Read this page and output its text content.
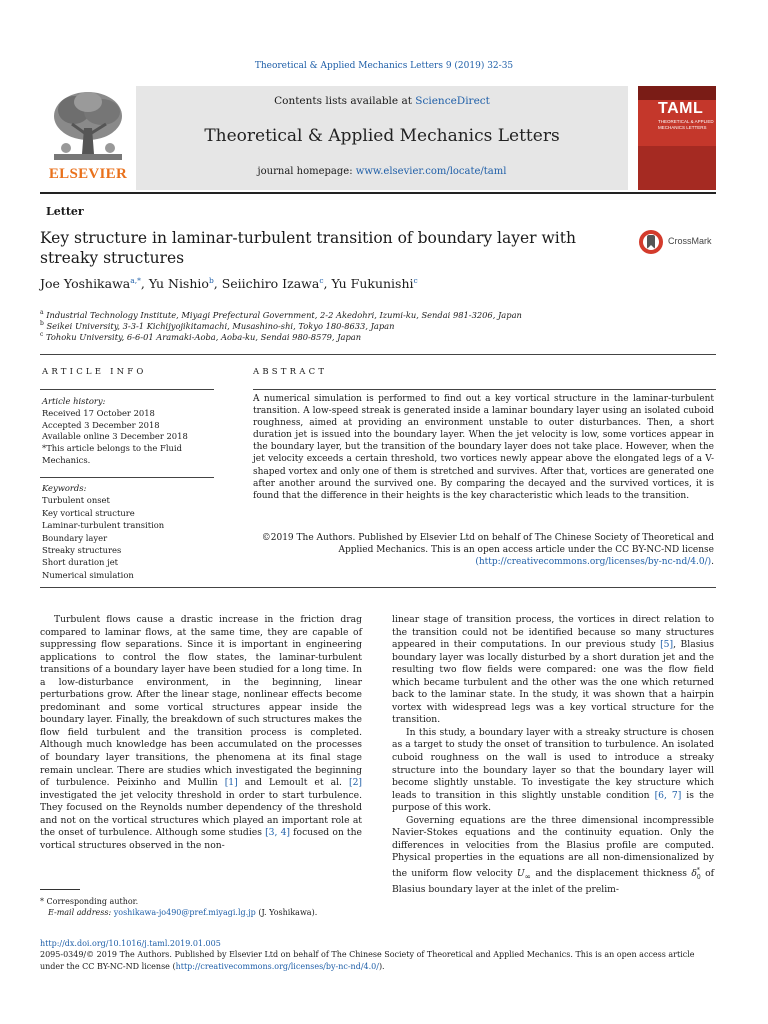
Theoretical & Applied Mechanics Letters 9 (2019) 32-35
ELSEVIER
Contents lists available at ScienceDirect
Theoretical & Applied Mechanics Letters
journal homepage: www.elsevier.com/locate/taml
TAML
THEORETICAL & APPLIED MECHANICS LETTERS
Letter
Key structure in laminar-turbulent transition of boundary layer with streaky structures
CrossMark
Joe Yoshikawa$^{a,*}$, Yu Nishio$^b$, Seiichiro Izawa$^c$, Yu Fukunishi$^c$
$^a$ Industrial Technology Institute, Miyagi Prefectural Government, 2-2 Akedohri, Izumi-ku, Sendai 981-3206, Japan
$^b$ Seikei University, 3-3-1 Kichijyojikitamachi, Musashino-shi, Tokyo 180-8633, Japan
$^c$ Tohoku University, 6-6-01 Aramaki-Aoba, Aoba-ku, Sendai 980-8579, Japan
ARTICLE INFO
Article history:
Received 17 October 2018
Accepted 3 December 2018
Available online 3 December 2018
*This article belongs to the Fluid Mechanics.
Keywords:
Turbulent onset
Key vortical structure
Laminar-turbulent transition
Boundary layer
Streaky structures
Short duration jet
Numerical simulation
ABSTRACT
A numerical simulation is performed to find out a key vortical structure in the laminar-turbulent transition. A low-speed streak is generated inside a laminar boundary layer using an isolated cuboid roughness, aimed at providing an environment unstable to outer disturbances. Then, a short duration jet is issued into the boundary layer. When the jet velocity is low, some vortices appear in the boundary layer, but the transition of the boundary layer does not take place. However, when the jet velocity exceeds a certain threshold, two vortices newly appear above the elongated legs of a V-shaped vortex and only one of them is stretched and survives. After that, vortices are generated one after another around the survived one. By comparing the decayed and the survived vortices, it is found that the difference in their heights is the key characteristic which leads to the transition.
©2019 The Authors. Published by Elsevier Ltd on behalf of The Chinese Society of Theoretical and
Applied Mechanics. This is an open access article under the CC BY-NC-ND license
(http://creativecommons.org/licenses/by-nc-nd/4.0/).

Turbulent flows cause a drastic increase in the friction drag compared to laminar flows, at the same time, they are capable of suppressing flow separations. Since it is important in engineering applications to control the flow states, the laminar-turbulent transitions of a boundary layer have been studied for a long time. In a low-disturbance environment, in the beginning, linear perturbations grow. After the linear stage, nonlinear effects become predominant and some vortical structures appear inside the boundary layer. Finally, the breakdown of such structures makes the flow field turbulent and the transition process is completed. Although much knowledge has been accumulated on the processes of boundary layer transitions, the phenomena at its final stage remain unclear. There are studies which investigated the beginning of turbulence. Peixinho and Mullin [1] and Lemoult et al. [2] investigated the jet velocity threshold in order to start turbulence. They focused on the Reynolds number dependency of the threshold and not on the vortical structures which played an important role at the onset of turbulence. Although some studies [3, 4] focused on the vortical structures observed in the non-

linear stage of transition process, the vortices in direct relation to the transition could not be identified because so many structures appeared in their computations. In our previous study [5], Blasius boundary layer was locally disturbed by a short duration jet and the resulting two flow fields were compared: one was the flow field which became turbulent and the other was the one which returned back to the laminar state. In the study, it was shown that a hairpin vortex with widespread legs was a key vortical structure for the transition.

In this study, a boundary layer with a streaky structure is chosen as a target to study the onset of transition to turbulence. An isolated cuboid roughness on the wall is used to introduce a streaky structure into the boundary layer so that the boundary layer will become slightly unstable. To investigate the key structure which leads to transition in this slightly unstable condition [6, 7] is the purpose of this work.

Governing equations are the three dimensional incompressible Navier-Stokes equations and the continuity equation. Only the differences in velocities from the Blasius profile are computed. Physical properties in the equations are all non-dimensionalized by the uniform flow velocity $U_\infty$ and the displacement thickness $\delta^*_0$ of Blasius boundary layer at the inlet of the prelim-

* Corresponding author.
E-mail address: yoshikawa-jo490@pref.miyagi.lg.jp (J. Yoshikawa).
http://dx.doi.org/10.1016/j.taml.2019.01.005
2095-0349/© 2019 The Authors. Published by Elsevier Ltd on behalf of The Chinese Society of Theoretical and Applied Mechanics. This is an open access article under the CC BY-NC-ND license (http://creativecommons.org/licenses/by-nc-nd/4.0/).
